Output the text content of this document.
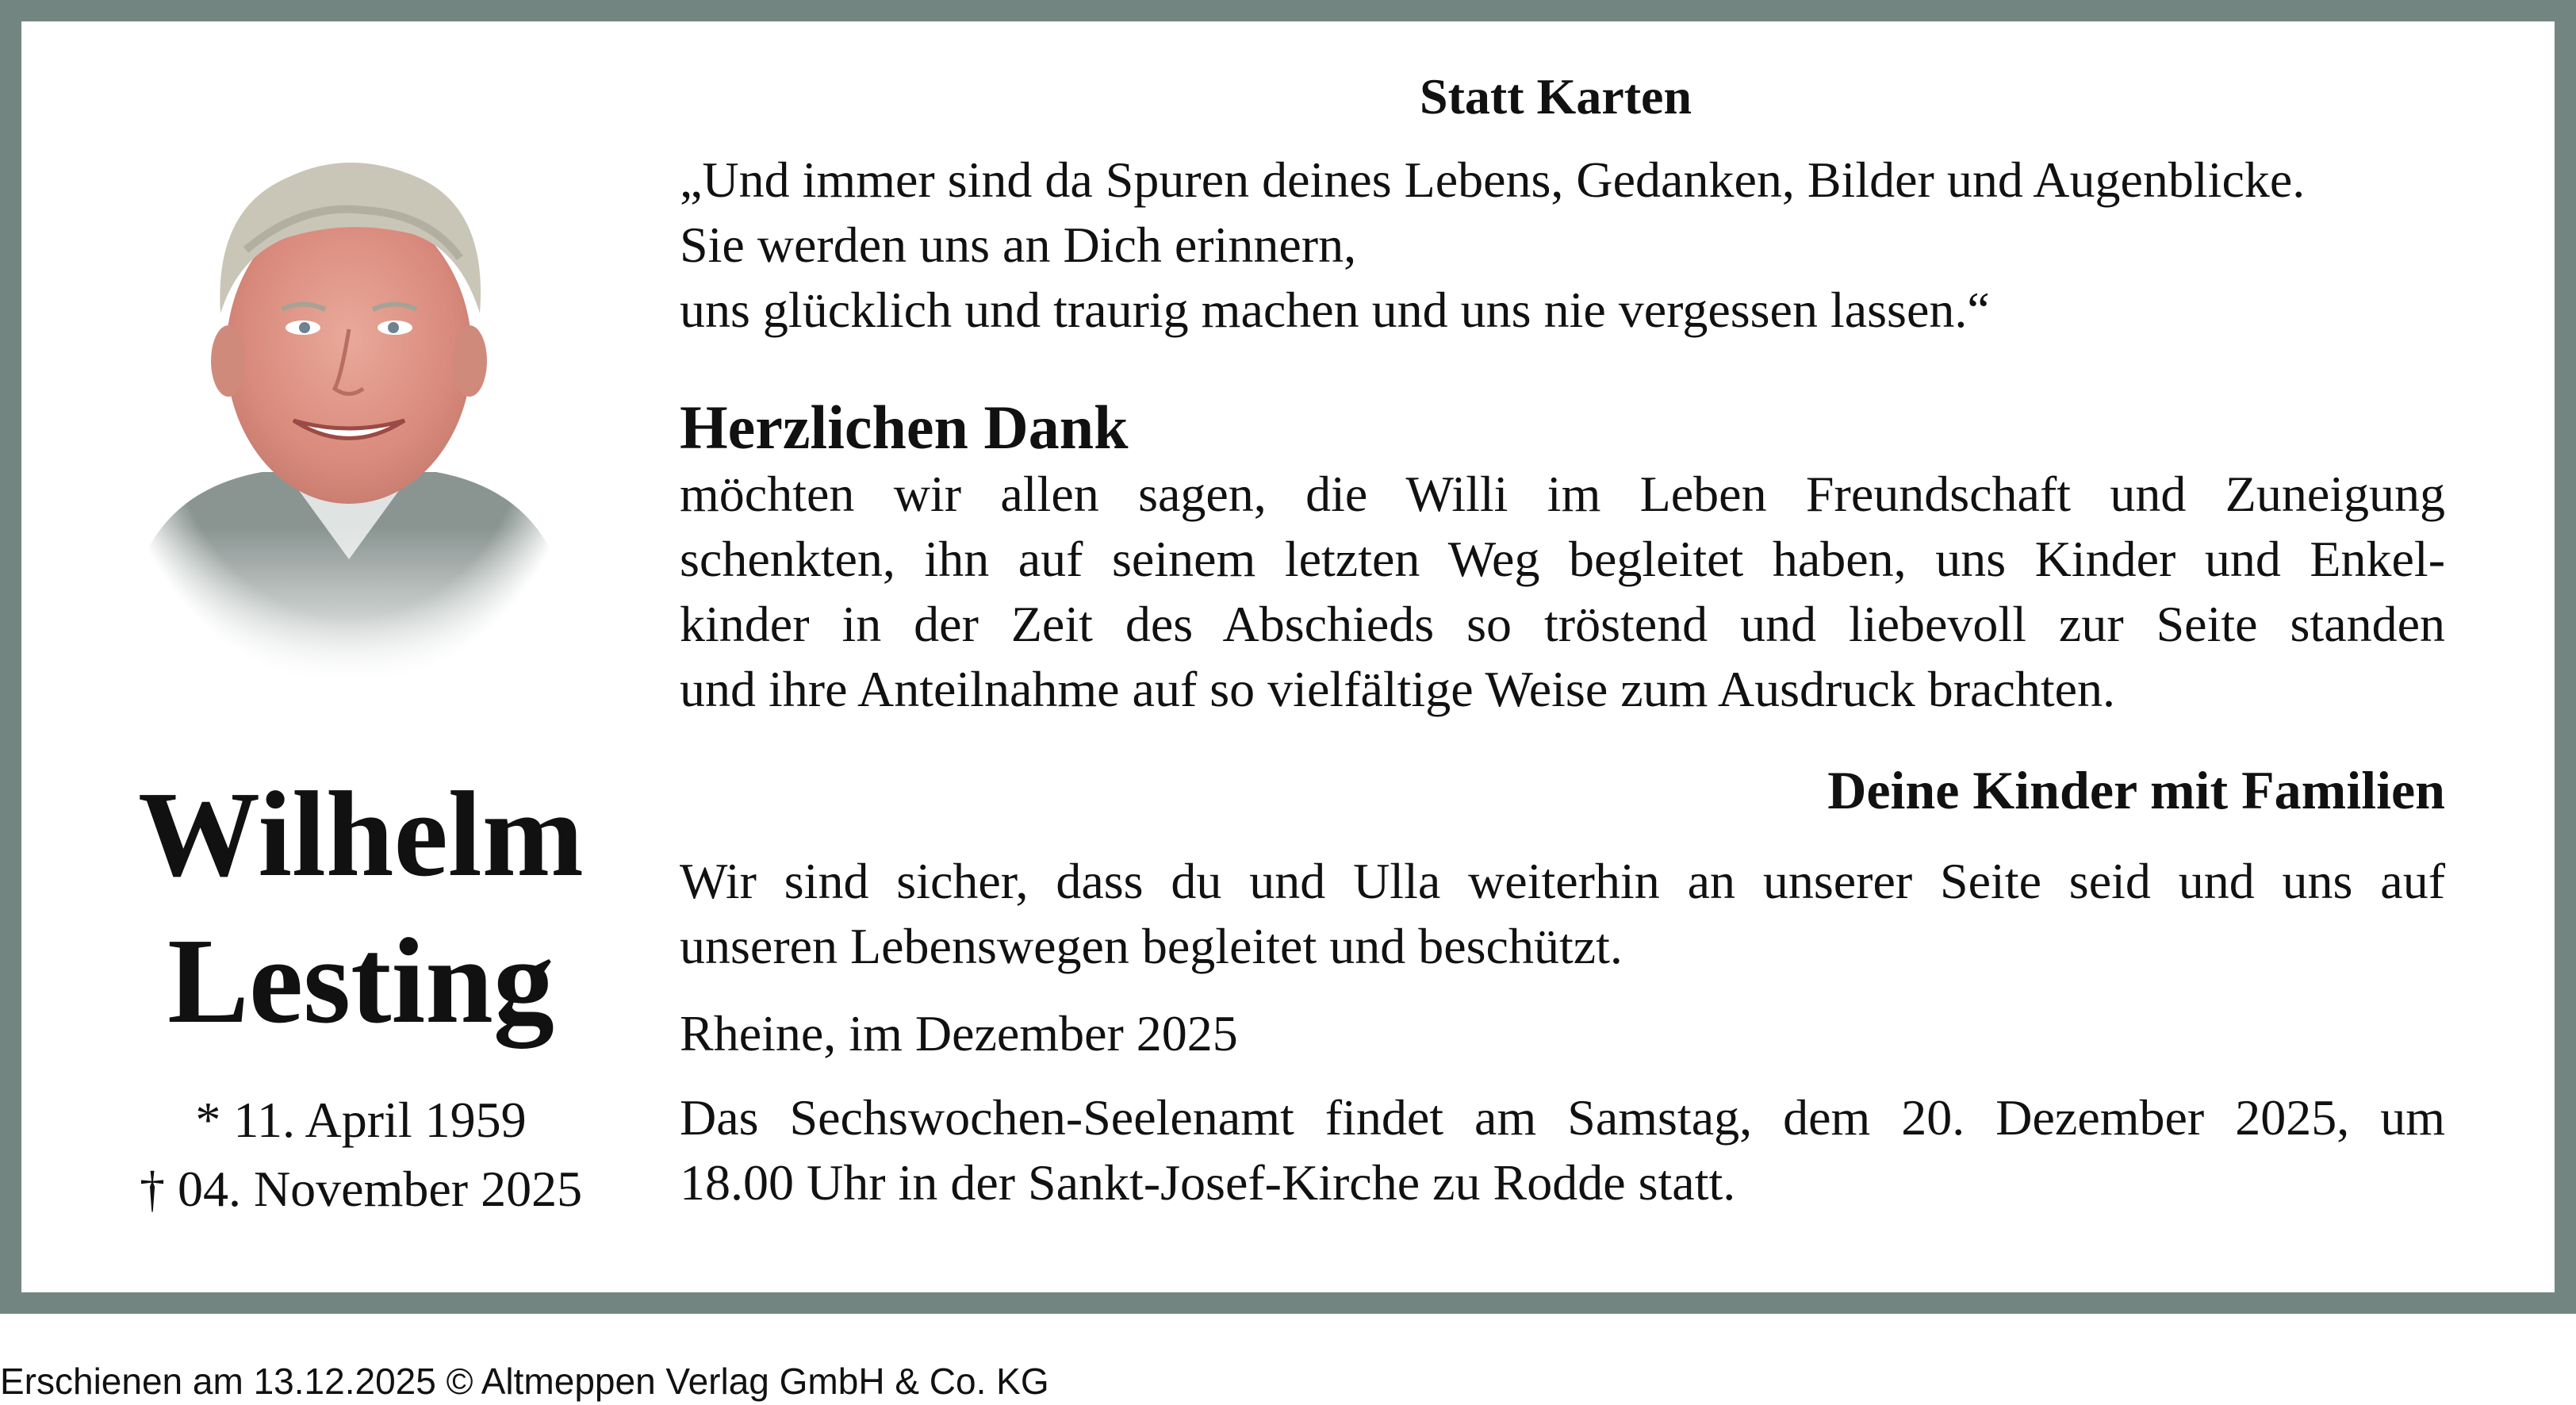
Wilhelm
Lesting
* 11. April 1959
† 04. November 2025
Statt Karten
„Und immer sind da Spuren deines Lebens, Gedanken, Bilder und Augenblicke.
Sie werden uns an Dich erinnern,
uns glücklich und traurig machen und uns nie vergessen lassen.“
Herzlichen Dank
möchten wir allen sagen, die Willi im Leben Freundschaft und Zuneigung
schenkten, ihn auf seinem letzten Weg begleitet haben, uns Kinder und Enkel-
kinder in der Zeit des Abschieds so tröstend und liebevoll zur Seite standen
und ihre Anteilnahme auf so vielfältige Weise zum Ausdruck brachten.
Deine Kinder mit Familien
Wir sind sicher, dass du und Ulla weiterhin an unserer Seite seid und uns auf
unseren Lebenswegen begleitet und beschützt.
Rheine, im Dezember 2025
Das Sechswochen-Seelenamt findet am Samstag, dem 20. Dezember 2025, um
18.00 Uhr in der Sankt-Josef-Kirche zu Rodde statt.
Erschienen am 13.12.2025 © Altmeppen Verlag GmbH & Co. KG
